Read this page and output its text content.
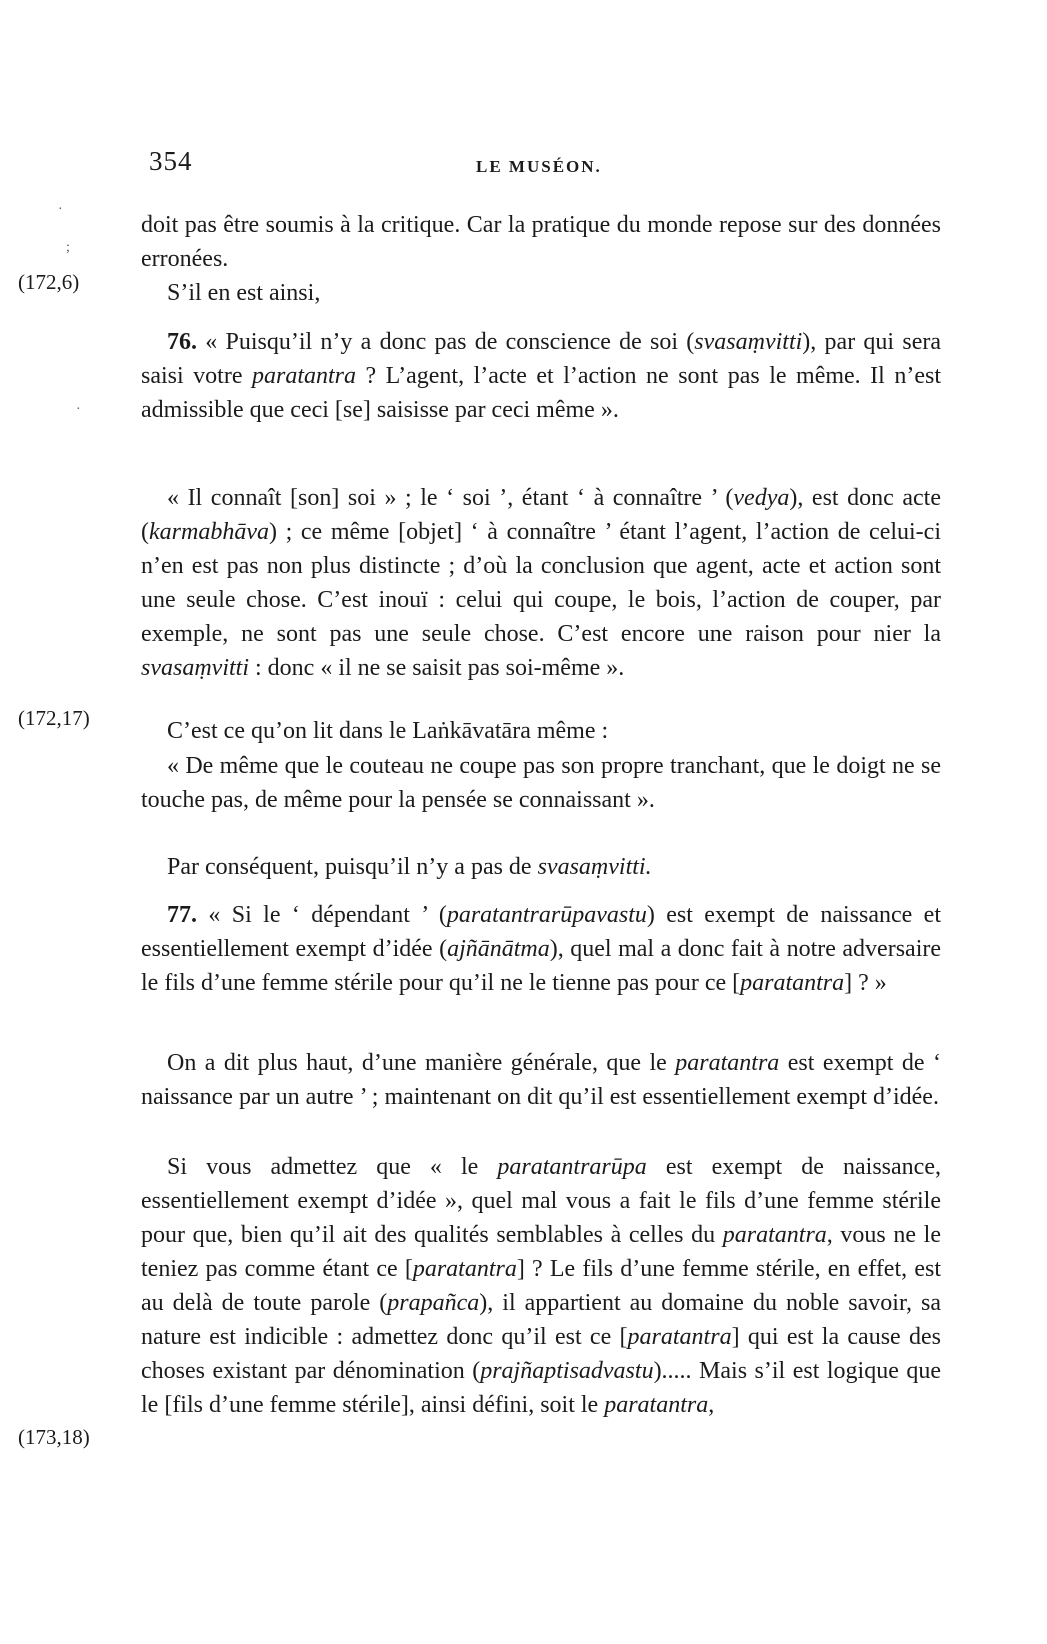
354	LE MUSÉON.
·
;
·
(172,6)
(172,17)
(173,18)

doit pas être soumis à la critique. Car la pratique du monde repose sur des données erronées.

S’il en est ainsi,

76. « Puisqu’il n’y a donc pas de conscience de soi (svasaṃvitti), par qui sera saisi votre paratantra ? L’agent, l’acte et l’action ne sont pas le même. Il n’est admissible que ceci [se] saisisse par ceci même ».

« Il connaît [son] soi » ; le ‘ soi ’, étant ‘ à connaître ’ (vedya), est donc acte (karmabhāva) ; ce même [objet] ‘ à connaître ’ étant l’agent, l’action de celui-ci n’en est pas non plus distincte ; d’où la conclusion que agent, acte et action sont une seule chose. C’est inouï : celui qui coupe, le bois, l’action de couper, par exemple, ne sont pas une seule chose. C’est encore une raison pour nier la svasaṃvitti : donc « il ne se saisit pas soi-même ».

C’est ce qu’on lit dans le Laṅkāvatāra même :

« De même que le couteau ne coupe pas son propre tranchant, que le doigt ne se touche pas, de même pour la pensée se connaissant ».

Par conséquent, puisqu’il n’y a pas de svasaṃvitti.

77. « Si le ‘ dépendant ’ (paratantrarūpavastu) est exempt de naissance et essentiellement exempt d’idée (ajñānātma), quel mal a donc fait à notre adversaire le fils d’une femme stérile pour qu’il ne le tienne pas pour ce [paratantra] ? »

On a dit plus haut, d’une manière générale, que le paratantra est exempt de ‘ naissance par un autre ’ ; maintenant on dit qu’il est essentiellement exempt d’idée.

Si vous admettez que « le paratantrarūpa est exempt de naissance, essentiellement exempt d’idée », quel mal vous a fait le fils d’une femme stérile pour que, bien qu’il ait des qualités semblables à celles du paratantra, vous ne le teniez pas comme étant ce [paratantra] ? Le fils d’une femme stérile, en effet, est au delà de toute parole (prapañca), il appartient au domaine du noble savoir, sa nature est indicible : admettez donc qu’il est ce [paratantra] qui est la cause des choses existant par dénomination (prajñaptisadvastu)..... Mais s’il est logique que le [fils d’une femme stérile], ainsi défini, soit le paratantra,
